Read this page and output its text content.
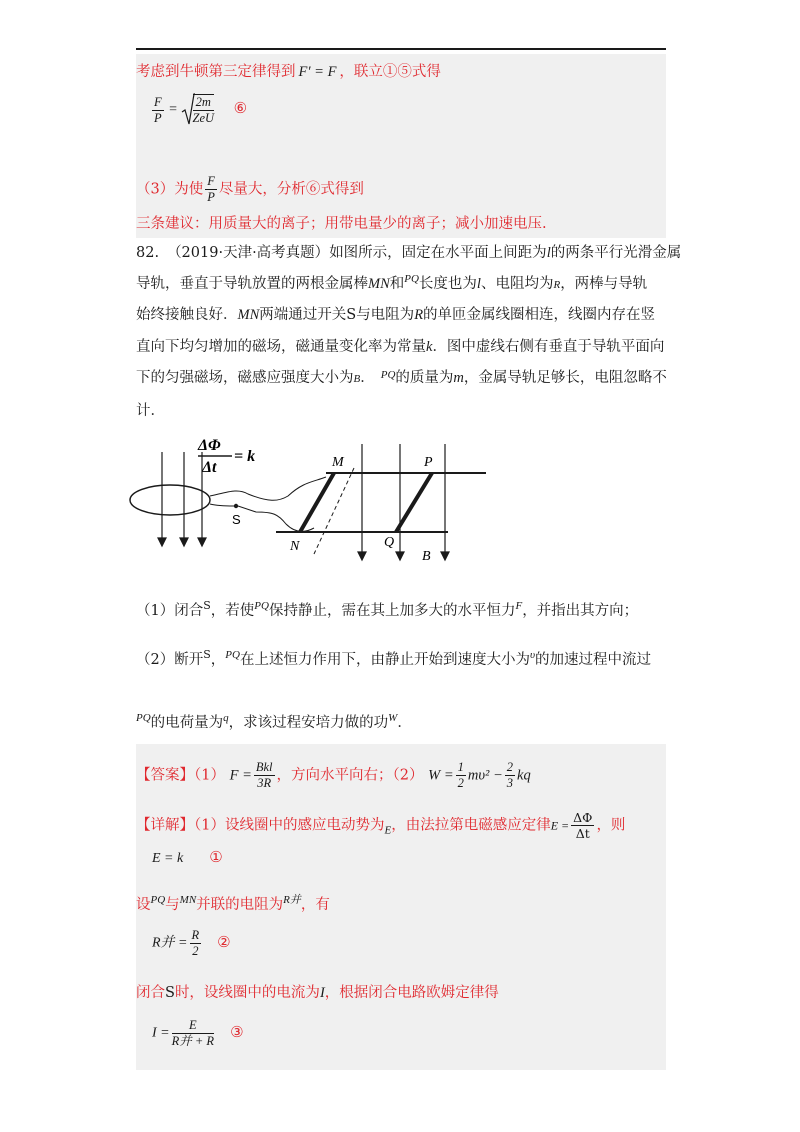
考虑到牛顿第三定律得到 F′ = F ，联立①⑤式得
$\frac{F}{P} = \frac{2m}{\text{ZeU}}$ ⑥
（3）为使 $\frac{F}{P}$ 尽量大，分析⑥式得到
三条建议：用质量大的离子；用带电量少的离子；减小加速电压.
82. （2019·天津·高考真题）如图所示，固定在水平面上间距为l的两条平行光滑金属
导轨，垂直于导轨放置的两根金属棒MN和$^{PQ}$长度也为l、电阻均为R，两棒与导轨
始终接触良好．MN两端通过开关S与电阻为R的单匝金属线圈相连，线圈内存在竖
直向下均匀增加的磁场，磁通量变化率为常量k．图中虚线右侧有垂直于导轨平面向
下的匀强磁场，磁感应强度大小为B． $^{PQ}$的质量为m，金属导轨足够长，电阻忽略不
计．
ΔΦ
Δt
= k
S
M	P
N	Q
B
（1）闭合$^S$，若使$^{PQ}$保持静止，需在其上加多大的水平恒力$^F$，并指出其方向；
（2）断开$^S$，$^{PQ}$在上述恒力作用下，由静止开始到速度大小为$^\upsilon$的加速过程中流过
$^{PQ}$的电荷量为$^q$，求该过程安培力做的功$^W$．
【答案】（1） $F = \frac{\text{Bkl}}{3R}$ ，方向水平向右；（2） $W = \frac{1}{2} m\upsilon^2 - \frac{2}{3}$ kq
【详解】（1）设线圈中的感应电动势为$_E$，由法拉第电磁感应定律$E = \frac{\Delta\Phi}{\Delta t}$ ，则
E = k ①
设$^{PQ}$与$^{MN}$并联的电阻为$^{R并}$，有
R并 = $\frac{R}{2}$ ②
闭合S时，设线圈中的电流为I，根据闭合电路欧姆定律得
$I = \frac{E}{\text{R并 + R}}$ ③
